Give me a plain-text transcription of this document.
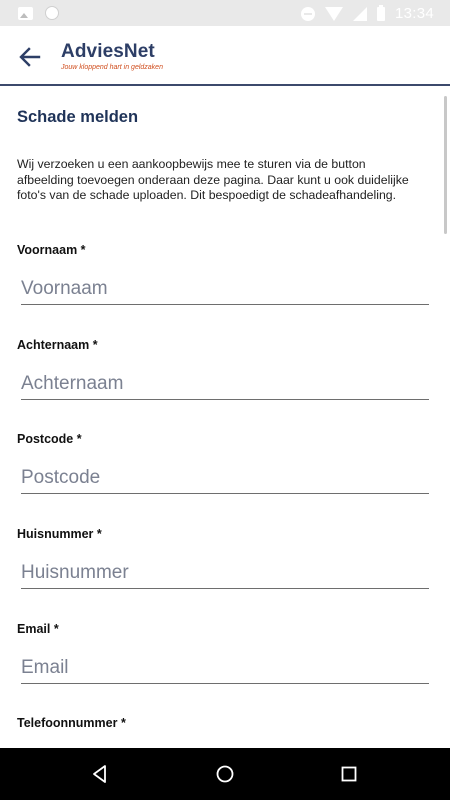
13:34
AdviesNet
Jouw kloppend hart in geldzaken
Schade melden
Wij verzoeken u een aankoopbewijs mee te sturen via de button afbeelding toevoegen onderaan deze pagina. Daar kunt u ook duidelijke foto's van de schade uploaden. Dit bespoedigt de schadeafhandeling.
Voornaam *
Voornaam
Achternaam *
Achternaam
Postcode *
Postcode
Huisnummer *
Huisnummer
Email *
Email
Telefoonnummer *
